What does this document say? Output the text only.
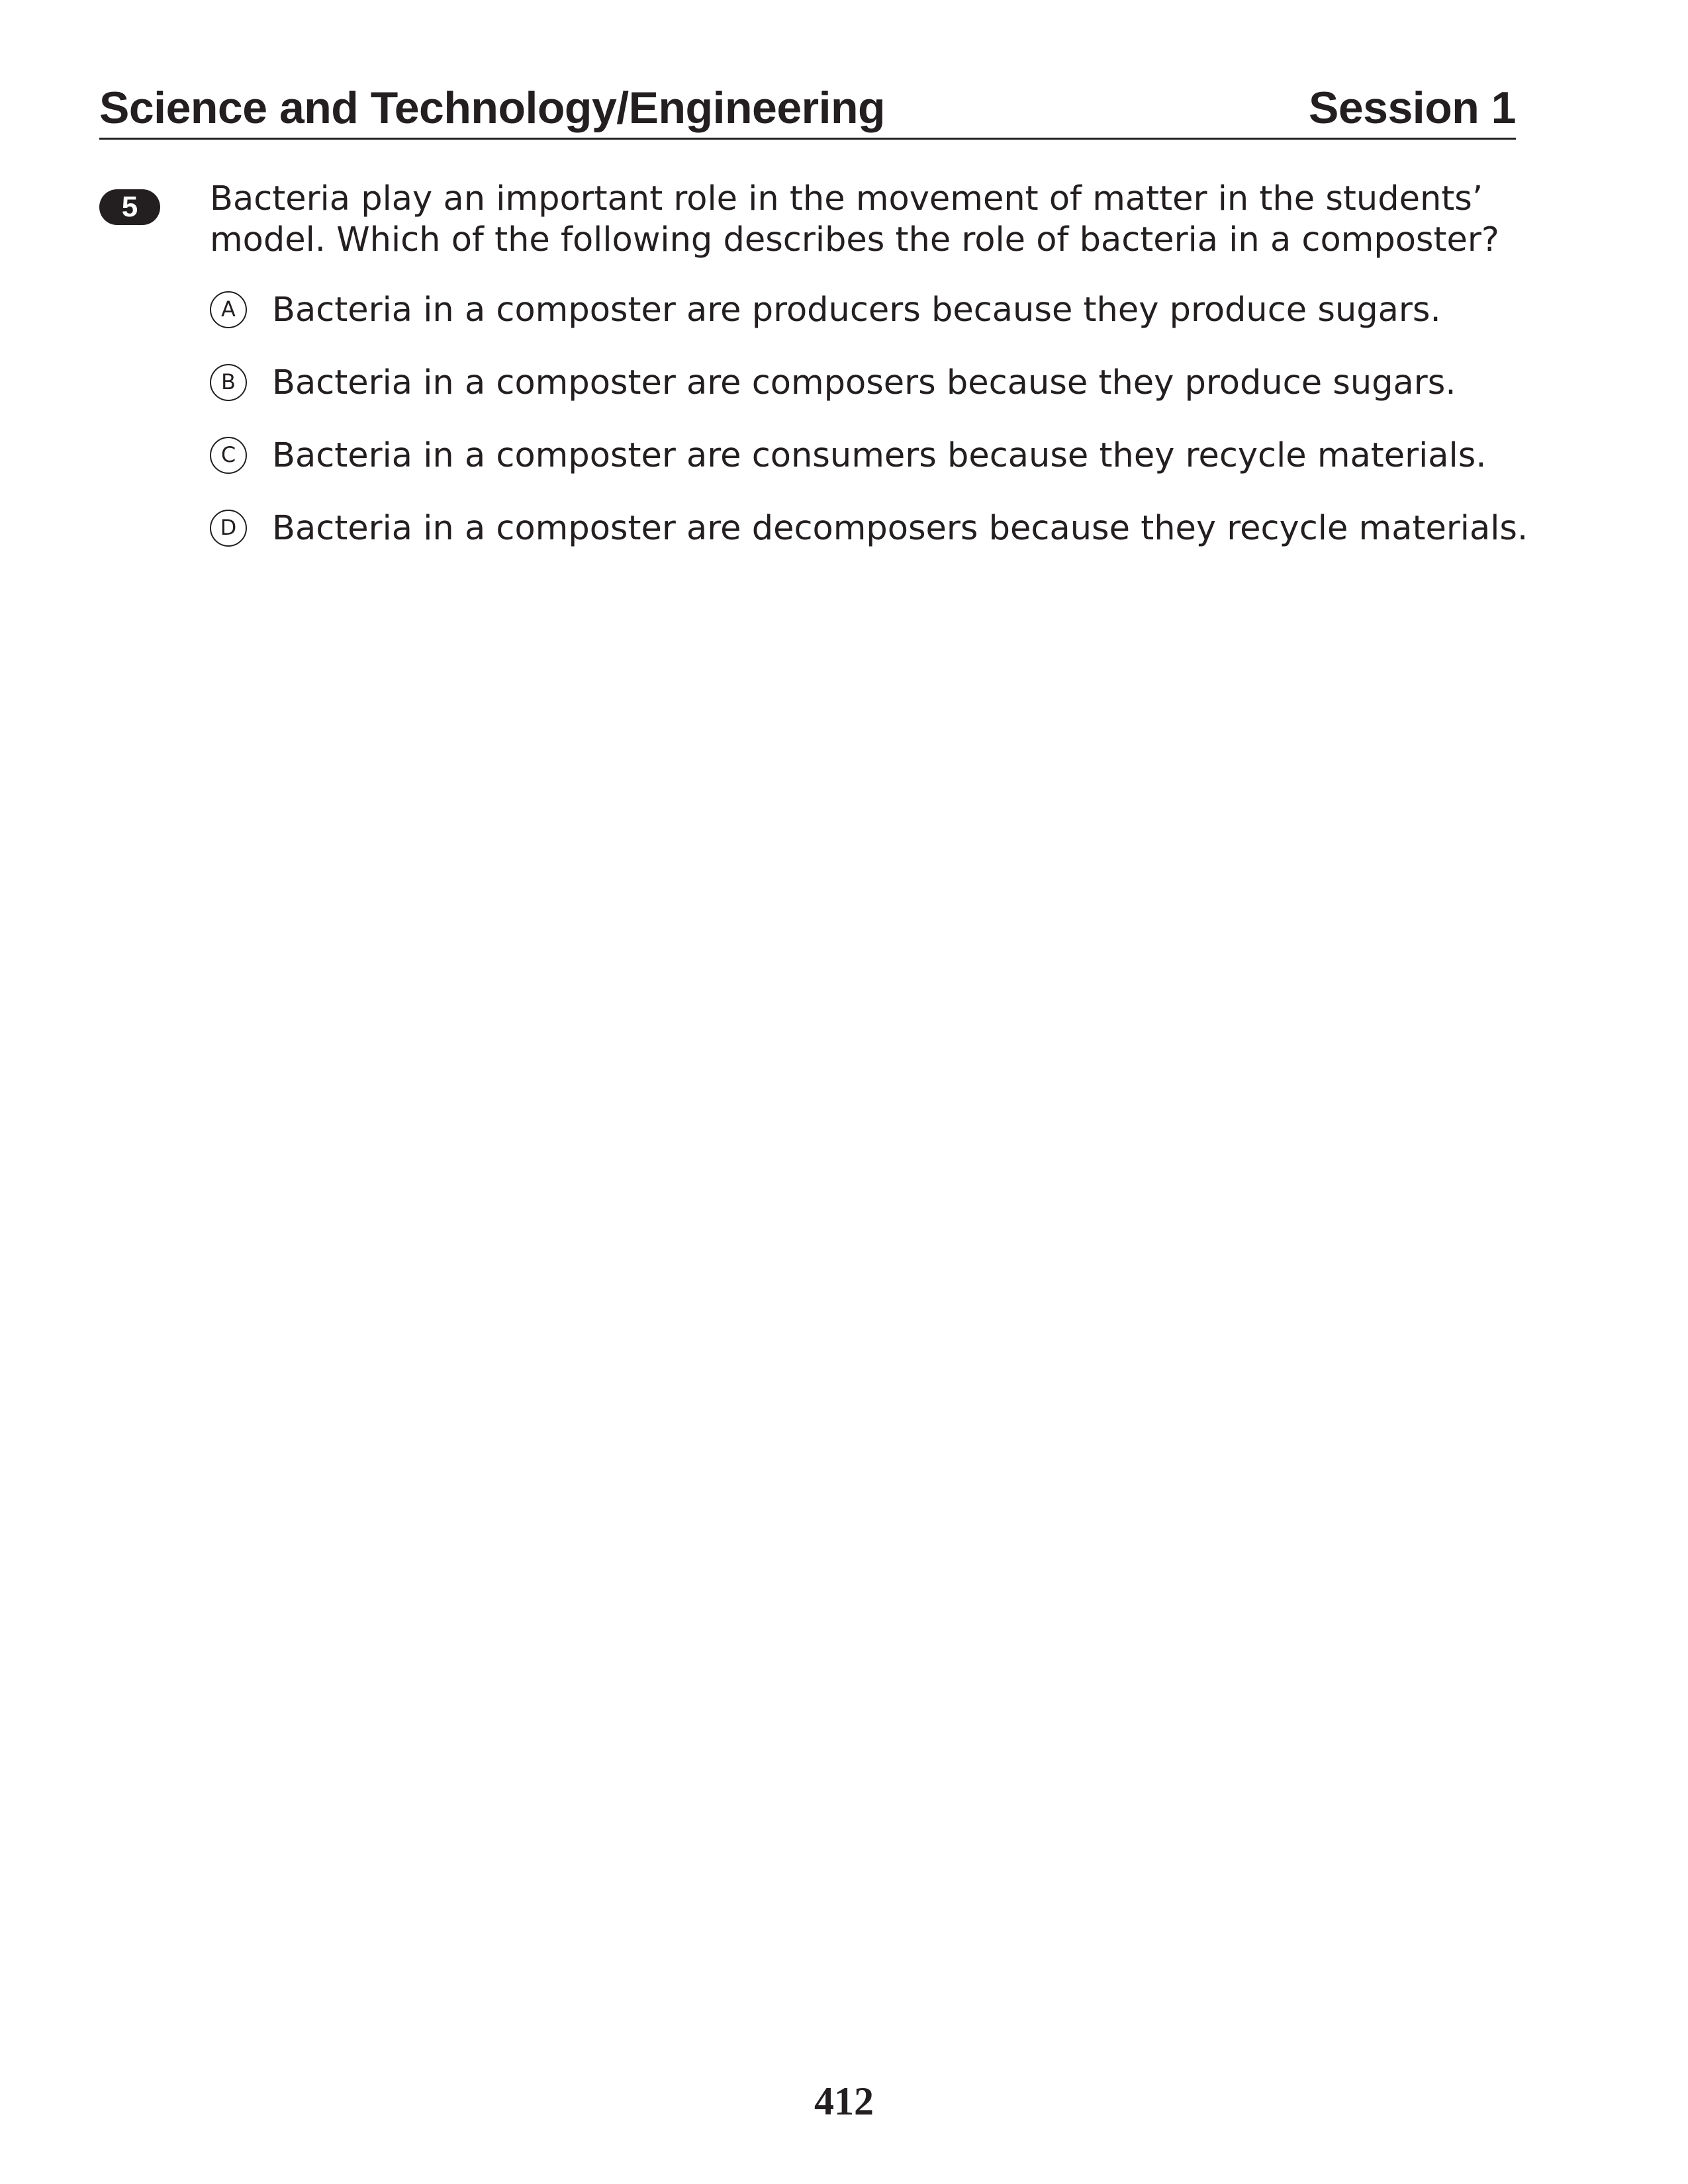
Science and Technology/Engineering	Session 1
5	Bacteria play an important role in the movement of matter in the students’ model. Which of the following describes the role of bacteria in a composter?
A	Bacteria in a composter are producers because they produce sugars.
B	Bacteria in a composter are composers because they produce sugars.
C	Bacteria in a composter are consumers because they recycle materials.
D	Bacteria in a composter are decomposers because they recycle materials.
412
